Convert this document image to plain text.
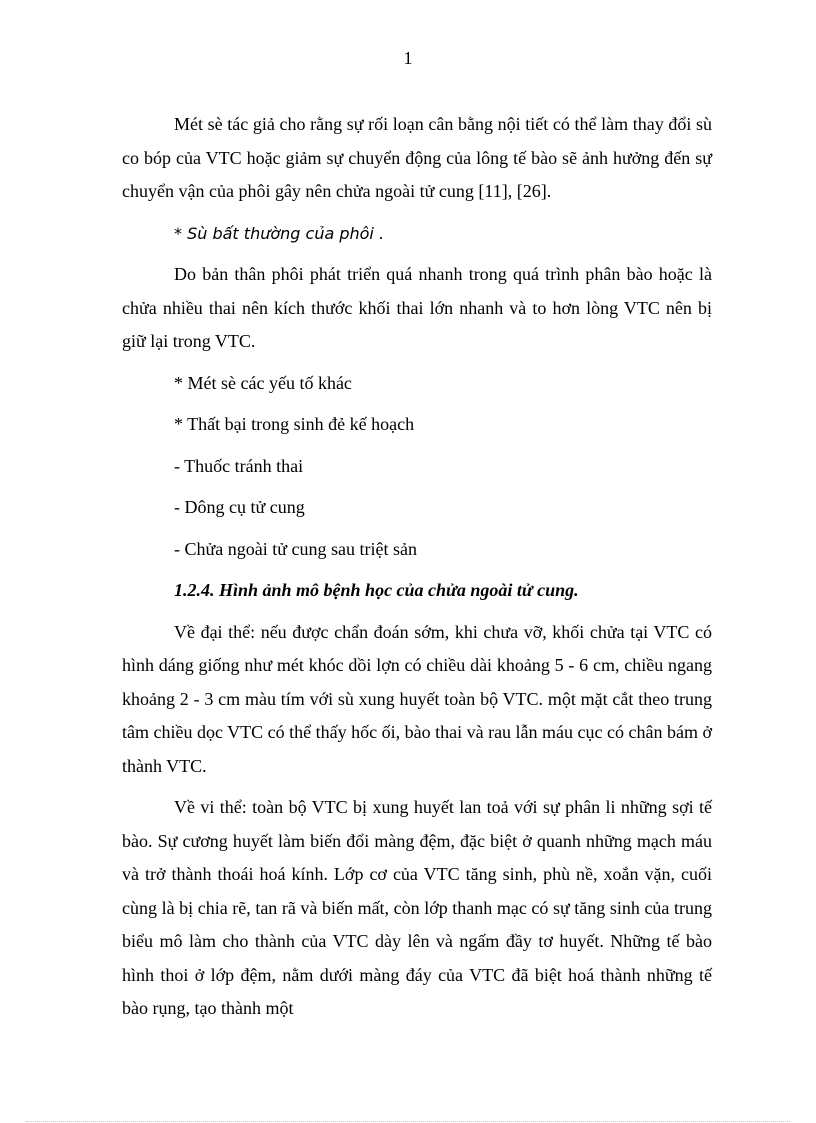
1

Mét sè tác giả cho rằng sự rối loạn cân bằng nội tiết có thể làm thay đổi sù co bóp của VTC hoặc giảm sự chuyển động của lông tế bào sẽ ảnh hưởng đến sự chuyển vận của phôi gây nên chửa ngoài tử cung [11], [26].

* Sù bất thường của phôi .

Do bản thân phôi phát triển quá nhanh trong quá trình phân bào hoặc là chửa nhiều thai nên kích thước khối thai lớn nhanh và to hơn lòng VTC nên bị giữ lại trong VTC.

* Mét sè các yếu tố khác

* Thất bại trong sinh đẻ kế hoạch

- Thuốc tránh thai

- Dông cụ tử cung

- Chửa ngoài tử cung sau triệt sản

1.2.4. Hình ảnh mô bệnh học của chửa ngoài tử cung.

Về đại thể: nếu được chẩn đoán sớm, khi chưa vỡ, khối chửa tại VTC có hình dáng giống như mét khóc dồi lợn có chiều dài khoảng 5 - 6 cm, chiều ngang khoảng 2 - 3 cm màu tím với sù xung huyết toàn bộ VTC. một mặt cắt theo trung tâm chiều dọc VTC có thể thấy hốc ối, bào thai và rau lẫn máu cục có chân bám ở thành VTC.

Về vi thể: toàn bộ VTC bị xung huyết lan toả với sự phân li những sợi tế bào. Sự cương huyết làm biến đổi màng đệm, đặc biệt ở quanh những mạch máu và trở thành thoái hoá kính. Lớp cơ của VTC tăng sinh, phù nề, xoắn vặn, cuối cùng là bị chia rẽ, tan rã và biến mất, còn lớp thanh mạc có sự tăng sinh của trung biểu mô làm cho thành của VTC dày lên và ngấm đầy tơ huyết. Những tế bào hình thoi ở lớp đệm, nằm dưới màng đáy của VTC đã biệt hoá thành những tế bào rụng, tạo thành một
